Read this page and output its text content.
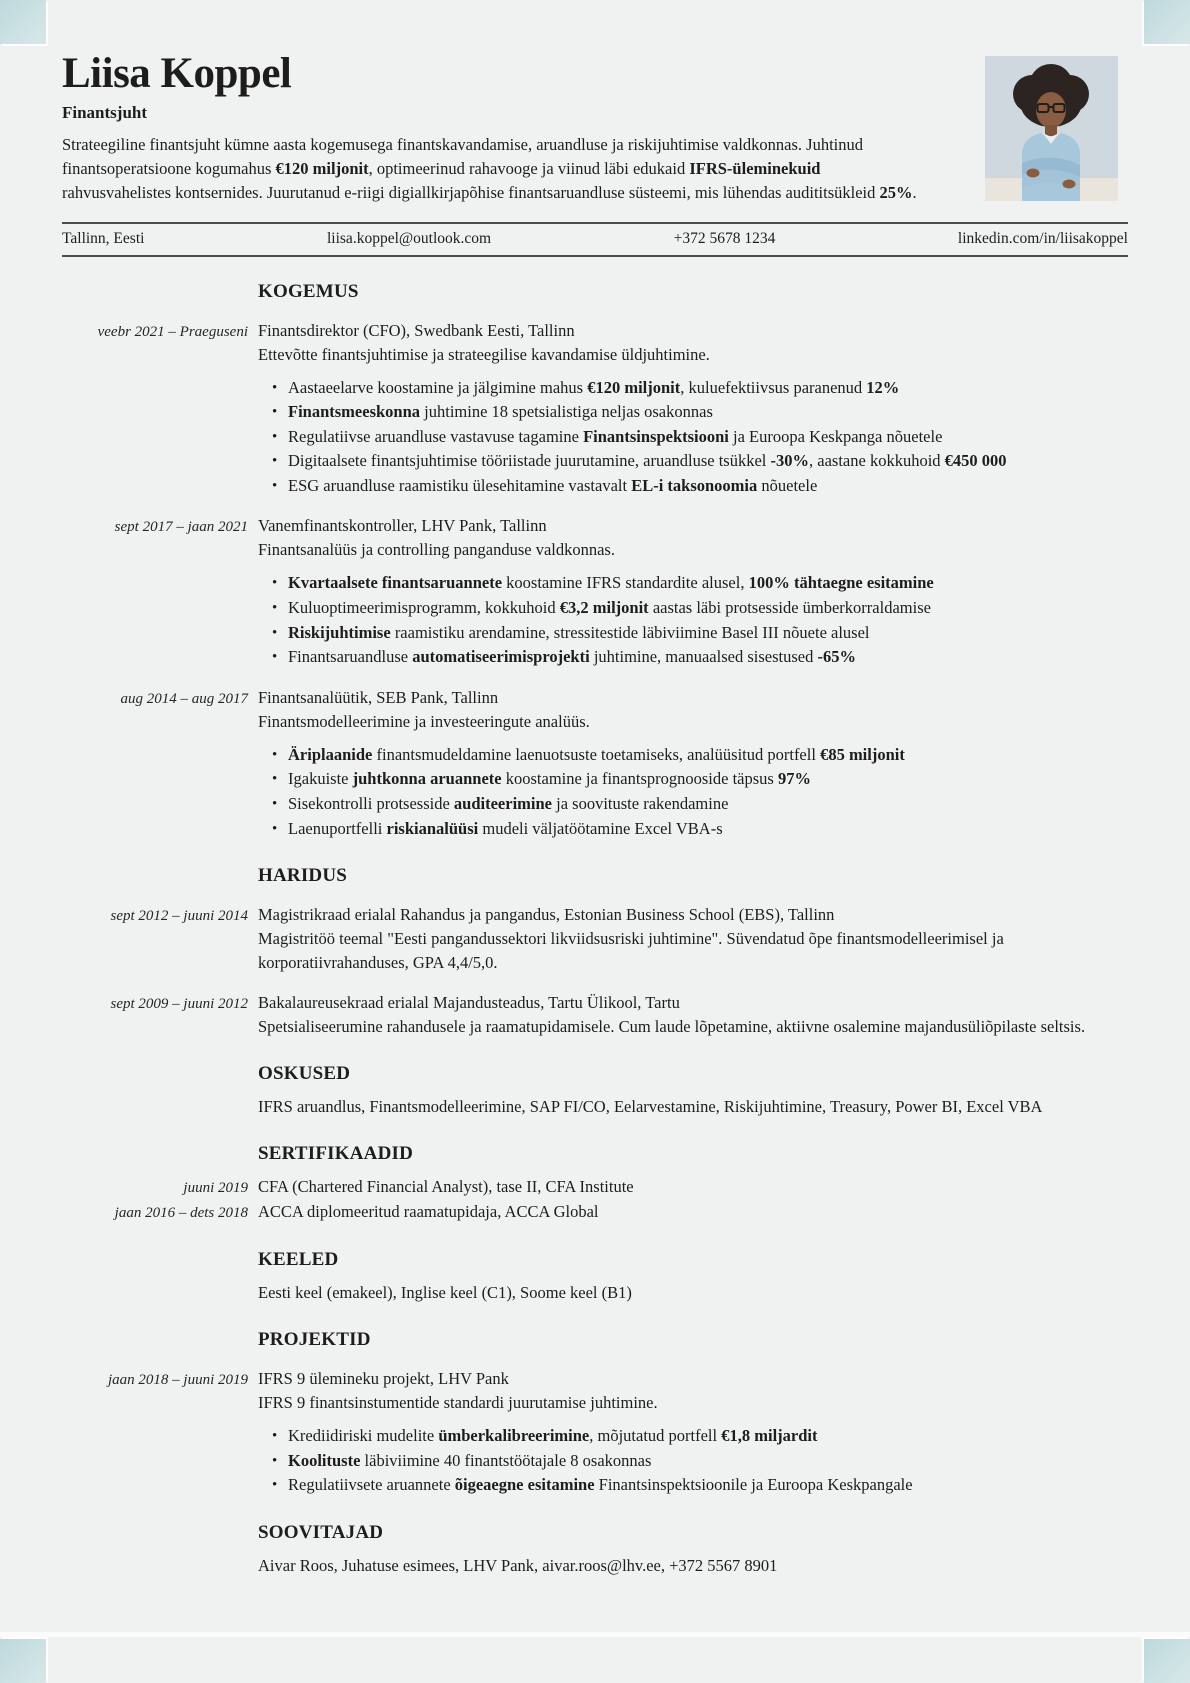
Liisa Koppel
Finantsjuht

Strateegiline finantsjuht kümne aasta kogemusega finantskavandamise, aruandluse ja riskijuhtimise valdkonnas. Juhtinud finantsoperatsioone kogumahus €120 miljonit, optimeerinud rahavooge ja viinud läbi edukaid IFRS-üleminekuid rahvusvahelistes kontsernides. Juurutanud e-riigi digiallkirjapõhise finantsaruandluse süsteemi, mis lühendas audititsükleid 25%.

Tallinn, Eesti	liisa.koppel@outlook.com	+372 5678 1234	linkedin.com/in/liisakoppel
KOGEMUS
veebr 2021 – Praeguseni Finantsdirektor (CFO), Swedbank Eesti, Tallinn
Ettevõtte finantsjuhtimise ja strateegilise kavandamise üldjuhtimine.
• Aastaeelarve koostamine ja jälgimine mahus €120 miljonit, kuluefektiivsus paranenud 12%
• Finantsmeeskonna juhtimine 18 spetsialistiga neljas osakonnas
• Regulatiivse aruandluse vastavuse tagamine Finantsinspektsiooni ja Euroopa Keskpanga nõuetele
• Digitaalsete finantsjuhtimise tööriistade juurutamine, aruandluse tsükkel -30%, aastane kokkuhoid €450 000
• ESG aruandluse raamistiku ülesehitamine vastavalt EL-i taksonoomia nõuetele
sept 2017 – jaan 2021 Vanemfinantskontroller, LHV Pank, Tallinn
Finantsanalüüs ja controlling panganduse valdkonnas.
• Kvartaalsete finantsaruannete koostamine IFRS standardite alusel, 100% tähtaegne esitamine
• Kuluoptimeerimisprogramm, kokkuhoid €3,2 miljonit aastas läbi protsesside ümberkorraldamise
• Riskijuhtimise raamistiku arendamine, stressitestide läbiviimine Basel III nõuete alusel
• Finantsaruandluse automatiseerimisprojekti juhtimine, manuaalsed sisestused -65%
aug 2014 – aug 2017 Finantsanalüütik, SEB Pank, Tallinn
Finantsmodelleerimine ja investeeringute analüüs.
• Äriplaanide finantsmudeldamine laenuotsuste toetamiseks, analüüsitud portfell €85 miljonit
• Igakuiste juhtkonna aruannete koostamine ja finantsprognooside täpsus 97%
• Sisekontrolli protsesside auditeerimine ja soovituste rakendamine
• Laenuportfelli riskianalüüsi mudeli väljatöötamine Excel VBA-s
HARIDUS
sept 2012 – juuni 2014 Magistrikraad erialal Rahandus ja pangandus, Estonian Business School (EBS), Tallinn
Magistritöö teemal "Eesti pangandussektori likviidsusriski juhtimine". Süvendatud õpe finantsmodelleerimisel ja korporatiivrahanduses, GPA 4,4/5,0.
sept 2009 – juuni 2012 Bakalaureusekraad erialal Majandusteadus, Tartu Ülikool, Tartu
Spetsialiseerumine rahandusele ja raamatupidamisele. Cum laude lõpetamine, aktiivne osalemine majandusüliõpilaste seltsis.
OSKUSED

IFRS aruandlus, Finantsmodelleerimine, SAP FI/CO, Eelarvestamine, Riskijuhtimine, Treasury, Power BI, Excel VBA

SERTIFIKAADID
juuni 2019 CFA (Chartered Financial Analyst), tase II, CFA Institute
jaan 2016 – dets 2018 ACCA diplomeeritud raamatupidaja, ACCA Global
KEELED

Eesti keel (emakeel), Inglise keel (C1), Soome keel (B1)

PROJEKTID
jaan 2018 – juuni 2019 IFRS 9 ülemineku projekt, LHV Pank
IFRS 9 finantsinstumentide standardi juurutamise juhtimine.
• Krediidiriski mudelite ümberkalibreerimine, mõjutatud portfell €1,8 miljardit
• Koolituste läbiviimine 40 finantstöötajale 8 osakonnas
• Regulatiivsete aruannete õigeaegne esitamine Finantsinspektsioonile ja Euroopa Keskpangale
SOOVITAJAD

Aivar Roos, Juhatuse esimees, LHV Pank, aivar.roos@lhv.ee, +372 5567 8901
